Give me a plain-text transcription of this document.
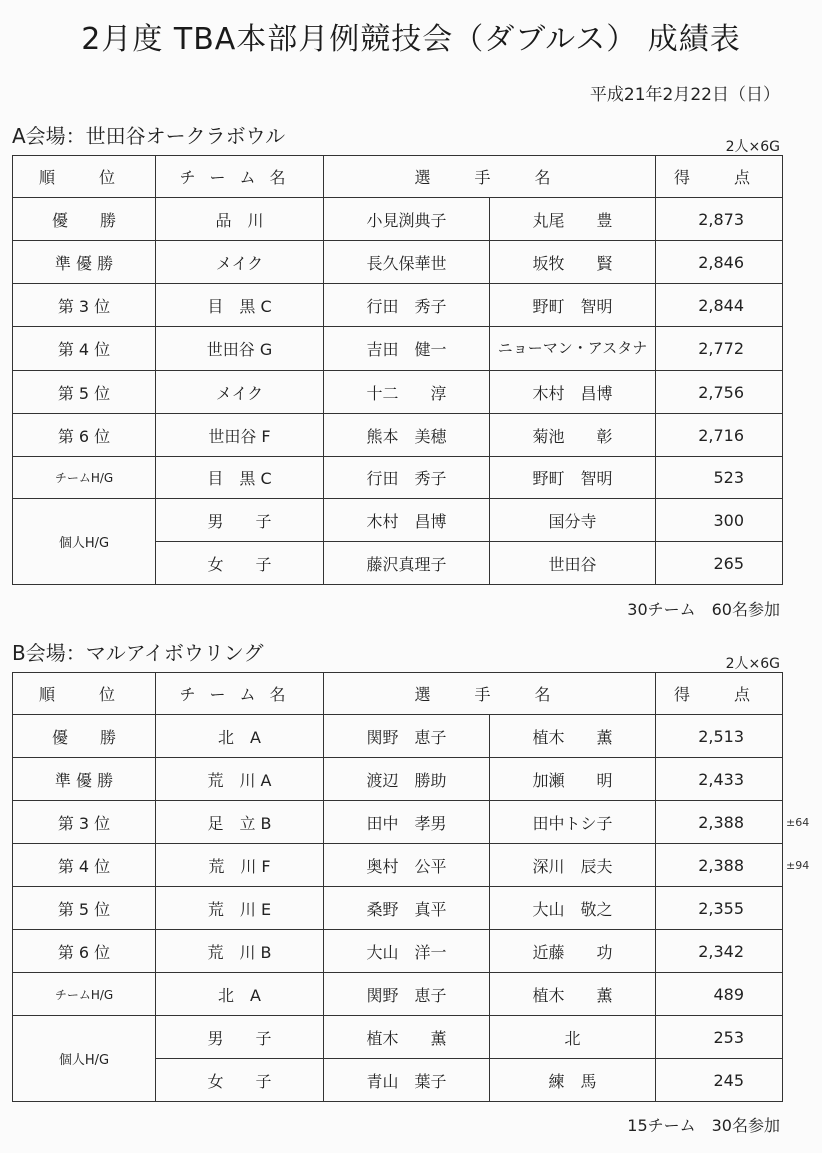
2月度 TBA本部月例競技会（ダブルス） 成績表
平成21年2月22日（日）
A会場：世田谷オークラボウル	2人×6G
順　位	チーム名	選　手　名		得　点
優　　勝	品　川	小見渕典子	丸尾　　豊	2,873
準 優 勝	メイク	長久保華世	坂牧　　賢	2,846
第 3 位	目　黒 C	行田　秀子	野町　智明	2,844
第 4 位	世田谷 G	吉田　健一	ニョーマン・アスタナ	2,772
第 5 位	メイク	十二　　淳	木村　昌博	2,756
第 6 位	世田谷 F	熊本　美穂	菊池　　彰	2,716
チームH/G	目　黒 C	行田　秀子	野町　智明	523
個人H/G	男　　子	木村　昌博	国分寺	300
	女　　子	藤沢真理子	世田谷	265
30チーム　60名参加
B会場：マルアイボウリング	2人×6G
順　位	チーム名	選　手　名		得　点
優　　勝	北　A	関野　恵子	植木　　薫	2,513
準 優 勝	荒　川 A	渡辺　勝助	加瀬　　明	2,433
第 3 位	足　立 B	田中　孝男	田中トシ子	2,388
第 4 位	荒　川 F	奥村　公平	深川　辰夫	2,388
第 5 位	荒　川 E	桑野　真平	大山　敬之	2,355
第 6 位	荒　川 B	大山　洋一	近藤　　功	2,342
チームH/G	北　A	関野　恵子	植木　　薫	489
個人H/G	男　　子	植木　　薫	北	253
	女　　子	青山　葉子	練　馬	245
±64
±94
15チーム　30名参加
